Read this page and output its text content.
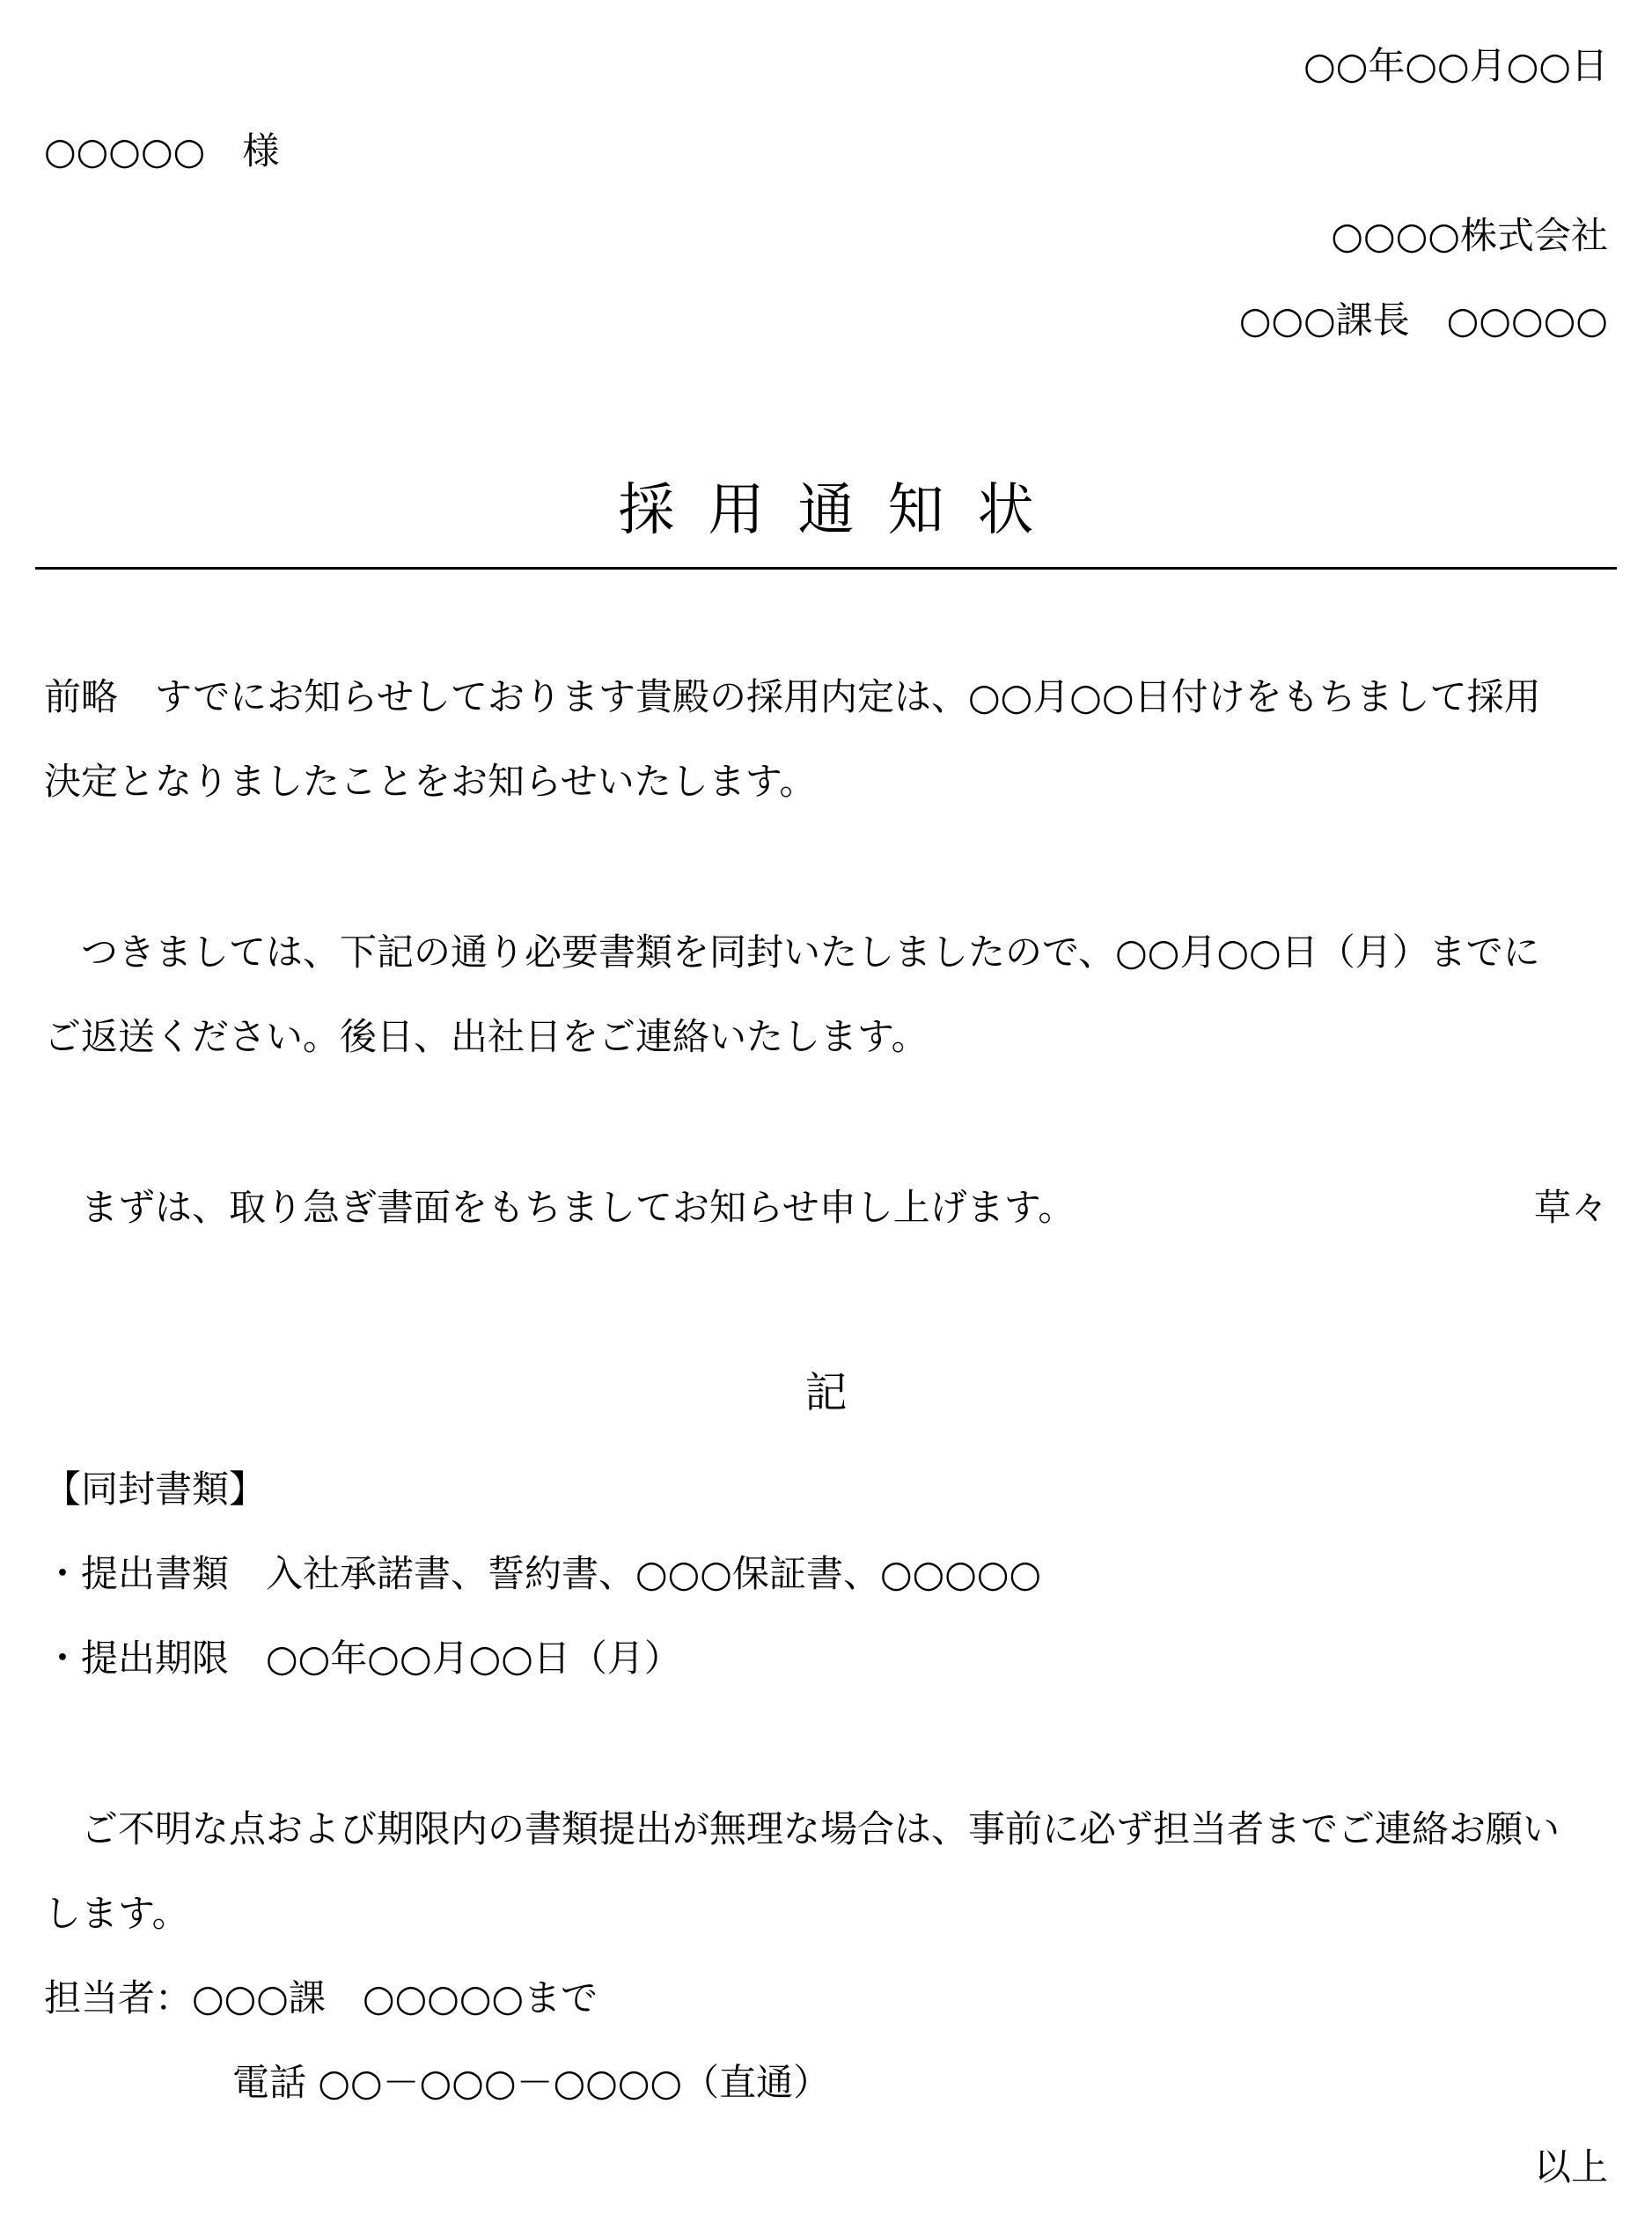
○○年○○月○○日
○○○○○　様
○○○○株式会社
○○○課長　○○○○○
採用通知状
前略　すでにお知らせしております貴殿の採用内定は、○○月○○日付けをもちまして採用
決定となりましたことをお知らせいたします。
　つきましては、下記の通り必要書類を同封いたしましたので、○○月○○日（月）までに
ご返送ください。後日、出社日をご連絡いたします。
　まずは、取り急ぎ書面をもちましてお知らせ申し上げます。	草々
記
【同封書類】
・提出書類　入社承諾書、誓約書、○○○保証書、○○○○○
・提出期限　○○年○○月○○日（月）
　ご不明な点および期限内の書類提出が無理な場合は、事前に必ず担当者までご連絡お願い
します。
担当者：○○○課　○○○○○まで
電話 ○○－○○○－○○○○（直通）
以上
